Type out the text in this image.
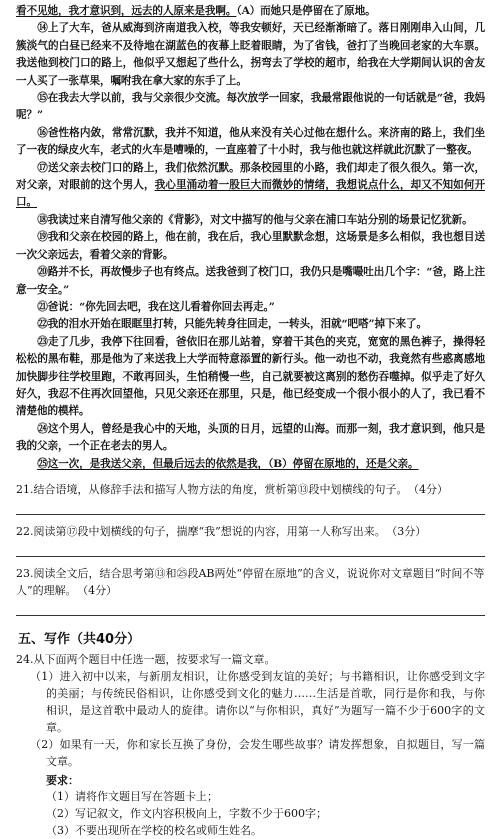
看不见她，我才意识到，远去的人原来是我啊。（A）而她只是停留在了原地。

⑭上了大车，爸从威海到济南道我入校，等我安顿好，天已经渐渐暗了。落日刚刚串入山间，几簇淡气的白昼已经来不及待地在湖蓝色的夜幕上眨着眼睛，为了省钱，爸打了当晚回老家的大车票。我送他到校门口的路上，他似乎又想起了些什么，拐弯去了学校的超市，给我在大学期间认识的舍友一人买了一张草果，嘱咐我在拿大家的东手了上。

⑮在我去大学以前，我与父亲很少交流。每次放学一回家，我最常跟他说的一句话就是“爸，我妈呢？”

⑯爸性格内敛，常常沉默，我并不知道，他从来没有关心过他在想什么。来济南的路上，我们坐了一夜的绿皮火车，老式的火车是嘈噪的，一直座着了十小时，我与他也就这样就此沉默了一整夜。

⑰送父亲去校门口的路上，我们依然沉默。那条校园里的小路，我们却走了很久很久。第一次，对父亲，对眼前的这个男人，我心里涌动着一股巨大而微妙的情绪，我想说点什么，却又不知如何开口。

⑱我读过来自清写他父亲的《背影》，对文中描写的他与父亲在浦口车站分别的场景记忆犹新。

⑲我和父亲在校园的路上，他在前，我在后，我心里默默念想，这场景是多么相似，我也想目送一次父亲远去，看着父亲的背影。

⑳路并不长，再故慢步子也有终点。送我爸到了校门口，我仍只是嘴嘬吐出几个字：“爸，路上注意一安全。”

㉑爸说：“你先回去吧，我在这儿看着你回去再走。”

㉒我的泪水开始在眼眶里打转，只能先转身往回走，一转头，泪就“吧嗒”掉下来了。

㉓走了几步，我停下往回看，爸依旧在那儿站着，穿着干其色的夹克，宽宽的黑色裤子，操得轻松松的黑布鞋，那是他为了来送我上大学而特意添置的新行头。他一动也不动，我竟然有些惑离感地加快脚步往学校里跑，不敢再回头，生怕稍慢一些，自己就要被这离别的愁伤吞噬掉。似乎走了好久好久，我忍不住再次回望他，只见父亲还在那里，只是，他已经变成一个很小很小的人了，我已看不清楚他的模样。

㉔这个男人，曾经是我心中的天地，头顶的日月，远望的山海。而那一刻，我才意识到，他只是我的父亲，一个正在老去的男人。

㉕这一次，是我送父亲，但最后远去的依然是我，（B）停留在原地的，还是父亲。

21.结合语境，从修辞手法和描写人物方法的角度，赏析第⑬段中划横线的句子。 （4分）

22.阅读第⑰段中划横线的句子，揣摩“我”想说的内容，用第一人称写出来。 （3分）

23.阅读全文后，结合思考第⑬和㉕段AB两处“停留在原地”的含义，说说你对文章题目“时间不等人”的理解。 （4分）

五、写作（共40分）

24.从下面两个题目中任选一题，按要求写一篇文章。

（1）进入初中以来，与新朋友相识，让你感受到友谊的美好；与书籍相识，让你感受到文字的美丽；与传统民俗相识，让你感受到文化的魅力……生活是首歌，同行是你和我，与你相识，是这首歌中最动人的旋律。请你以“与你相识，真好”为题写一篇不少于600字的文章。

（2）如果有一天，你和家长互换了身份，会发生哪些故事？请发挥想象，自拟题目，写一篇文章。

要求：

（1）请将作文题目写在答题卡上；

（2）写记叙文，作文内容积极向上，字数不少于600字；

（3）不要出现所在学校的校名或师生姓名。
